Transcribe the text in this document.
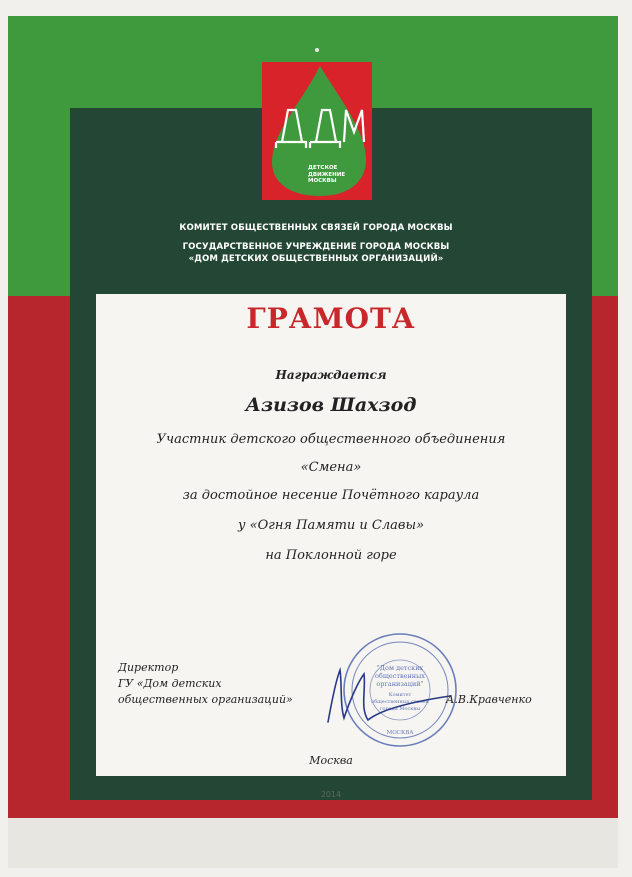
ДЕТСКОЕ
ДВИЖЕНИЕ
МОСКВЫ
КОМИТЕТ ОБЩЕСТВЕННЫХ СВЯЗЕЙ ГОРОДА МОСКВЫ
ГОСУДАРСТВЕННОЕ УЧРЕЖДЕНИЕ ГОРОДА МОСКВЫ
«ДОМ ДЕТСКИХ ОБЩЕСТВЕННЫХ ОРГАНИЗАЦИЙ»
ГРАМОТА
Награждается
Азизов Шахзод
Участник детского общественного объединения
«Смена»
за достойное несение Почётного караула
у «Огня Памяти и Славы»
на Поклонной горе
Директор
ГУ «Дом детских
общественных организаций»
"Дом детских
общественных
организаций"
Комитет
общественных связей
города Москвы
МОСКВА
А.В.Кравченко
Москва
2014
